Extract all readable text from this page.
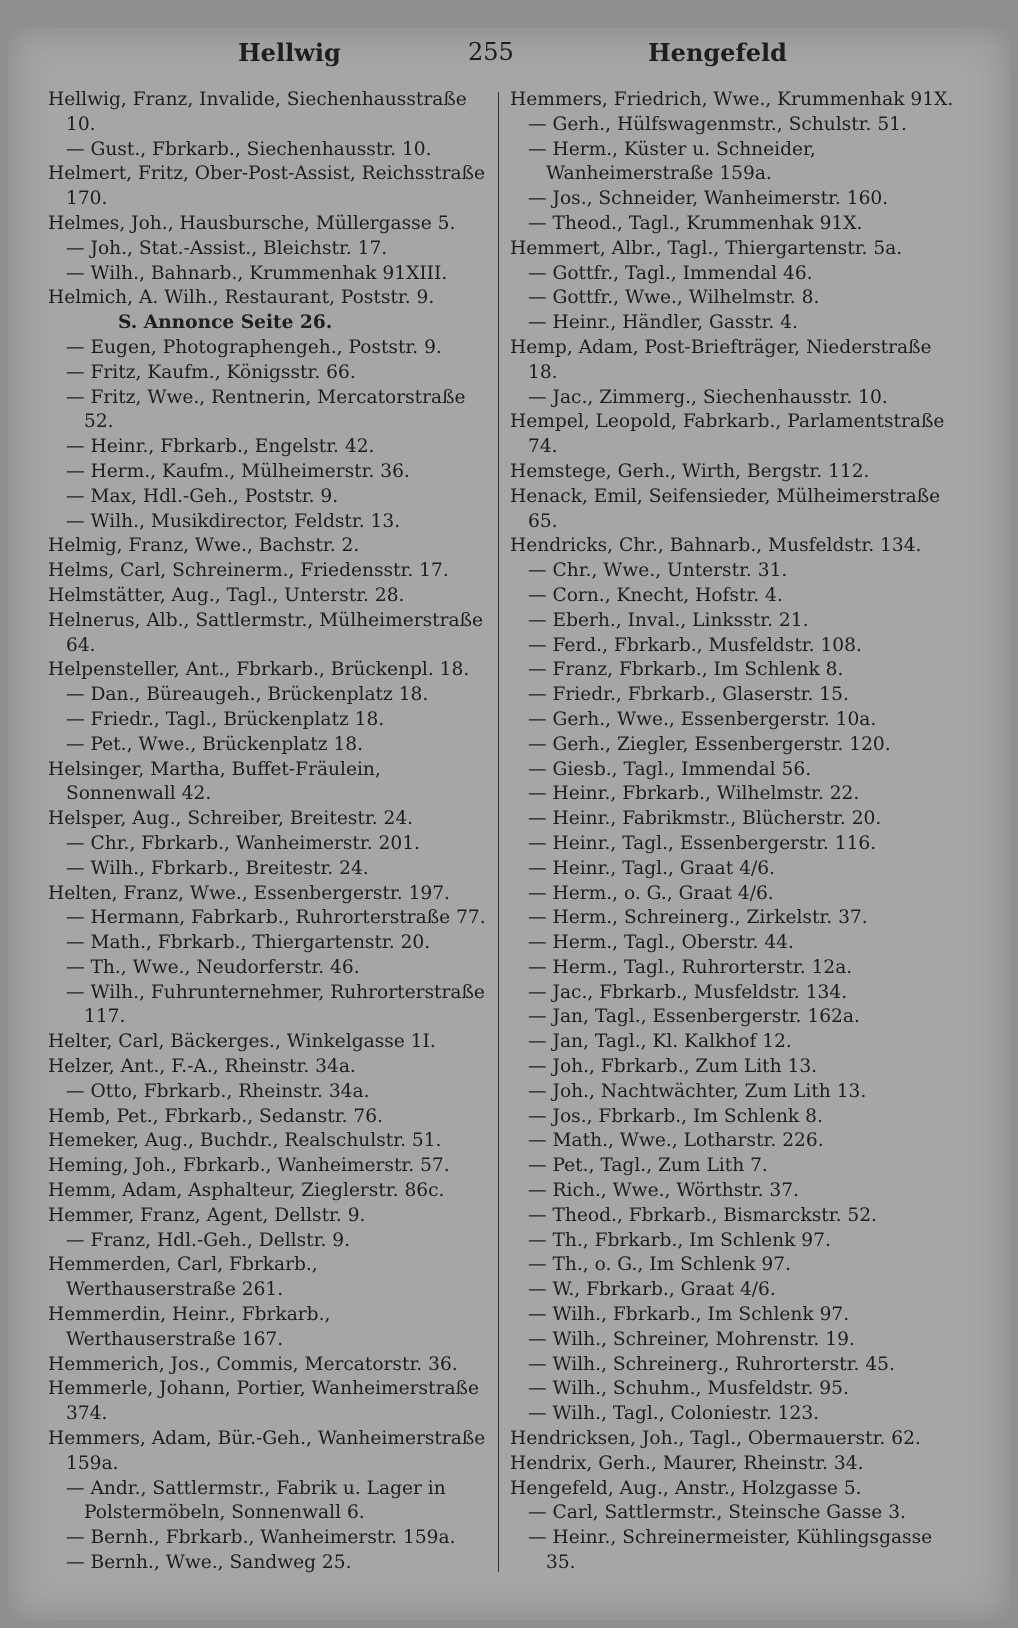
Hellwig	255	Hengefeld
Hellwig, Franz, Invalide, Siechenhausstraße 10.
— Gust., Fbrkarb., Siechenhausstr. 10.
Helmert, Fritz, Ober-Post-Assist, Reichsstraße 170.
Helmes, Joh., Hausbursche, Müllergasse 5.
— Joh., Stat.-Assist., Bleichstr. 17.
— Wilh., Bahnarb., Krummenhak 91XIII.
Helmich, A. Wilh., Restaurant, Poststr. 9.
S. Annonce Seite 26.
— Eugen, Photographengeh., Poststr. 9.
— Fritz, Kaufm., Königsstr. 66.
— Fritz, Wwe., Rentnerin, Mercatorstraße 52.
— Heinr., Fbrkarb., Engelstr. 42.
— Herm., Kaufm., Mülheimerstr. 36.
— Max, Hdl.-Geh., Poststr. 9.
— Wilh., Musikdirector, Feldstr. 13.
Helmig, Franz, Wwe., Bachstr. 2.
Helms, Carl, Schreinerm., Friedensstr. 17.
Helmstätter, Aug., Tagl., Unterstr. 28.
Helnerus, Alb., Sattlermstr., Mülheimerstraße 64.
Helpensteller, Ant., Fbrkarb., Brückenpl. 18.
— Dan., Büreaugeh., Brückenplatz 18.
— Friedr., Tagl., Brückenplatz 18.
— Pet., Wwe., Brückenplatz 18.
Helsinger, Martha, Buffet-Fräulein, Sonnenwall 42.
Helsper, Aug., Schreiber, Breitestr. 24.
— Chr., Fbrkarb., Wanheimerstr. 201.
— Wilh., Fbrkarb., Breitestr. 24.
Helten, Franz, Wwe., Essenbergerstr. 197.
— Hermann, Fabrkarb., Ruhrorterstraße 77.
— Math., Fbrkarb., Thiergartenstr. 20.
— Th., Wwe., Neudorferstr. 46.
— Wilh., Fuhrunternehmer, Ruhrorterstraße 117.
Helter, Carl, Bäckerges., Winkelgasse 1I.
Helzer, Ant., F.-A., Rheinstr. 34a.
— Otto, Fbrkarb., Rheinstr. 34a.
Hemb, Pet., Fbrkarb., Sedanstr. 76.
Hemeker, Aug., Buchdr., Realschulstr. 51.
Heming, Joh., Fbrkarb., Wanheimerstr. 57.
Hemm, Adam, Asphalteur, Zieglerstr. 86c.
Hemmer, Franz, Agent, Dellstr. 9.
— Franz, Hdl.-Geh., Dellstr. 9.
Hemmerden, Carl, Fbrkarb., Werthauserstraße 261.
Hemmerdin, Heinr., Fbrkarb., Werthauserstraße 167.
Hemmerich, Jos., Commis, Mercatorstr. 36.
Hemmerle, Johann, Portier, Wanheimerstraße 374.
Hemmers, Adam, Bür.-Geh., Wanheimerstraße 159a.
— Andr., Sattlermstr., Fabrik u. Lager in Polstermöbeln, Sonnenwall 6.
— Bernh., Fbrkarb., Wanheimerstr. 159a.
— Bernh., Wwe., Sandweg 25.
Hemmers, Friedrich, Wwe., Krummenhak 91X.
— Gerh., Hülfswagenmstr., Schulstr. 51.
— Herm., Küster u. Schneider, Wanheimerstraße 159a.
— Jos., Schneider, Wanheimerstr. 160.
— Theod., Tagl., Krummenhak 91X.
Hemmert, Albr., Tagl., Thiergartenstr. 5a.
— Gottfr., Tagl., Immendal 46.
— Gottfr., Wwe., Wilhelmstr. 8.
— Heinr., Händler, Gasstr. 4.
Hemp, Adam, Post-Briefträger, Niederstraße 18.
— Jac., Zimmerg., Siechenhausstr. 10.
Hempel, Leopold, Fabrkarb., Parlamentstraße 74.
Hemstege, Gerh., Wirth, Bergstr. 112.
Henack, Emil, Seifensieder, Mülheimerstraße 65.
Hendricks, Chr., Bahnarb., Musfeldstr. 134.
— Chr., Wwe., Unterstr. 31.
— Corn., Knecht, Hofstr. 4.
— Eberh., Inval., Linksstr. 21.
— Ferd., Fbrkarb., Musfeldstr. 108.
— Franz, Fbrkarb., Im Schlenk 8.
— Friedr., Fbrkarb., Glaserstr. 15.
— Gerh., Wwe., Essenbergerstr. 10a.
— Gerh., Ziegler, Essenbergerstr. 120.
— Giesb., Tagl., Immendal 56.
— Heinr., Fbrkarb., Wilhelmstr. 22.
— Heinr., Fabrikmstr., Blücherstr. 20.
— Heinr., Tagl., Essenbergerstr. 116.
— Heinr., Tagl., Graat 4/6.
— Herm., o. G., Graat 4/6.
— Herm., Schreinerg., Zirkelstr. 37.
— Herm., Tagl., Oberstr. 44.
— Herm., Tagl., Ruhrorterstr. 12a.
— Jac., Fbrkarb., Musfeldstr. 134.
— Jan, Tagl., Essenbergerstr. 162a.
— Jan, Tagl., Kl. Kalkhof 12.
— Joh., Fbrkarb., Zum Lith 13.
— Joh., Nachtwächter, Zum Lith 13.
— Jos., Fbrkarb., Im Schlenk 8.
— Math., Wwe., Lotharstr. 226.
— Pet., Tagl., Zum Lith 7.
— Rich., Wwe., Wörthstr. 37.
— Theod., Fbrkarb., Bismarckstr. 52.
— Th., Fbrkarb., Im Schlenk 97.
— Th., o. G., Im Schlenk 97.
— W., Fbrkarb., Graat 4/6.
— Wilh., Fbrkarb., Im Schlenk 97.
— Wilh., Schreiner, Mohrenstr. 19.
— Wilh., Schreinerg., Ruhrorterstr. 45.
— Wilh., Schuhm., Musfeldstr. 95.
— Wilh., Tagl., Coloniestr. 123.
Hendricksen, Joh., Tagl., Obermauerstr. 62.
Hendrix, Gerh., Maurer, Rheinstr. 34.
Hengefeld, Aug., Anstr., Holzgasse 5.
— Carl, Sattlermstr., Steinsche Gasse 3.
— Heinr., Schreinermeister, Kühlingsgasse 35.
